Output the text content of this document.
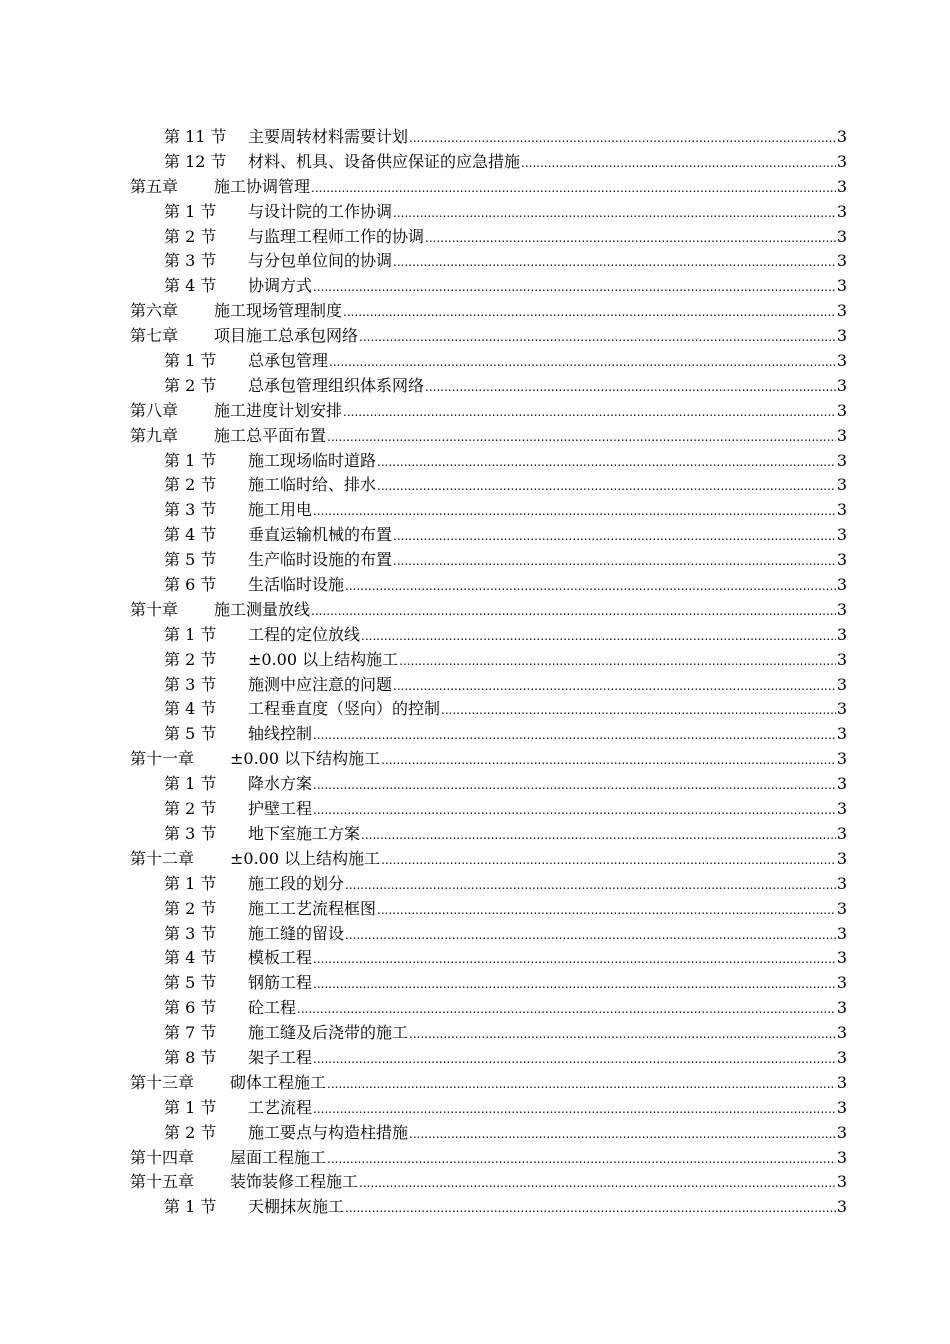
第 11 节	主要周转材料需要计划 .....	3
第 12 节	材料、机具、设备供应保证的应急措施 .....	3
第五章	施工协调管理 .....	3
第 1 节	与设计院的工作协调 .....	3
第 2 节	与监理工程师工作的协调 .....	3
第 3 节	与分包单位间的协调 .....	3
第 4 节	协调方式 .....	3
第六章	施工现场管理制度 .....	3
第七章	项目施工总承包网络 .....	3
第 1 节	总承包管理 .....	3
第 2 节	总承包管理组织体系网络 .....	3
第八章	施工进度计划安排 .....	3
第九章	施工总平面布置 .....	3
第 1 节	施工现场临时道路 .....	3
第 2 节	施工临时给、排水 .....	3
第 3 节	施工用电 .....	3
第 4 节	垂直运输机械的布置 .....	3
第 5 节	生产临时设施的布置 .....	3
第 6 节	生活临时设施 .....	3
第十章	施工测量放线 .....	3
第 1 节	工程的定位放线 .....	3
第 2 节	±0.00 以上结构施工 .....	3
第 3 节	施测中应注意的问题 .....	3
第 4 节	工程垂直度（竖向）的控制 .....	3
第 5 节	轴线控制 .....	3
第十一章	±0.00 以下结构施工 .....	3
第 1 节	降水方案 .....	3
第 2 节	护壁工程 .....	3
第 3 节	地下室施工方案 .....	3
第十二章	±0.00 以上结构施工 .....	3
第 1 节	施工段的划分 .....	3
第 2 节	施工工艺流程框图 .....	3
第 3 节	施工缝的留设 .....	3
第 4 节	模板工程 .....	3
第 5 节	钢筋工程 .....	3
第 6 节	砼工程 .....	3
第 7 节	施工缝及后浇带的施工 .....	3
第 8 节	架子工程 .....	3
第十三章	砌体工程施工 .....	3
第 1 节	工艺流程 .....	3
第 2 节	施工要点与构造柱措施 .....	3
第十四章	屋面工程施工 .....	3
第十五章	装饰装修工程施工 .....	3
第 1 节	天棚抹灰施工 .....	3
